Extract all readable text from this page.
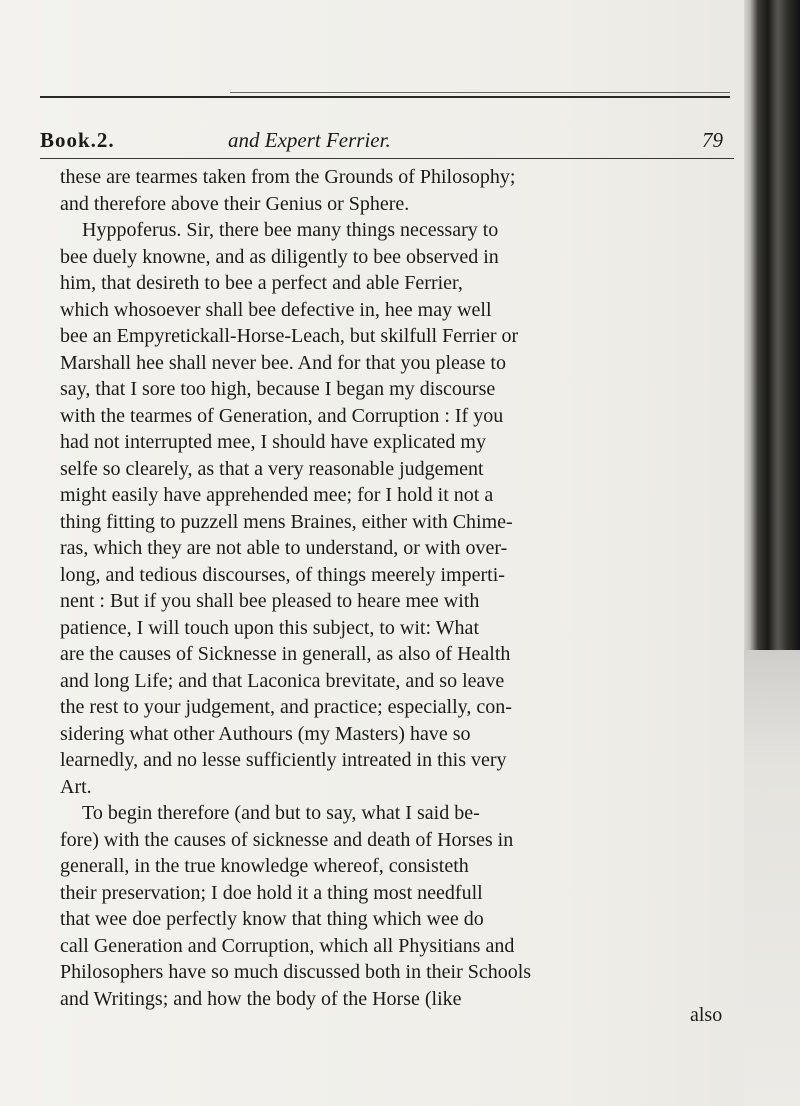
Book.2.	and Expert Ferrier.	79
these are tearmes taken from the Grounds of Philosophy;
and therefore above their Genius or Sphere.
Hyppoferus. Sir, there bee many things necessary to
bee duely knowne, and as diligently to bee observed in
him, that desireth to bee a perfect and able Ferrier,
which whosoever shall bee defective in, hee may well
bee an Empyretickall-Horse-Leach, but skilfull Ferrier or
Marshall hee shall never bee. And for that you please to
say, that I sore too high, because I began my discourse
with the tearmes of Generation, and Corruption : If you
had not interrupted mee, I should have explicated my
selfe so clearely, as that a very reasonable judgement
might easily have apprehended mee; for I hold it not a
thing fitting to puzzell mens Braines, either with Chime-
ras, which they are not able to understand, or with over-
long, and tedious discourses, of things meerely imperti-
nent : But if you shall bee pleased to heare mee with
patience, I will touch upon this subject, to wit: What
are the causes of Sicknesse in generall, as also of Health
and long Life; and that Laconica brevitate, and so leave
the rest to your judgement, and practice; especially, con-
sidering what other Authours (my Masters) have so
learnedly, and no lesse sufficiently intreated in this very
Art.
To begin therefore (and but to say, what I said be-
fore) with the causes of sicknesse and death of Horses in
generall, in the true knowledge whereof, consisteth
their preservation; I doe hold it a thing most needfull
that wee doe perfectly know that thing which wee do
call Generation and Corruption, which all Physitians and
Philosophers have so much discussed both in their Schools
and Writings; and how the body of the Horse (like
also
